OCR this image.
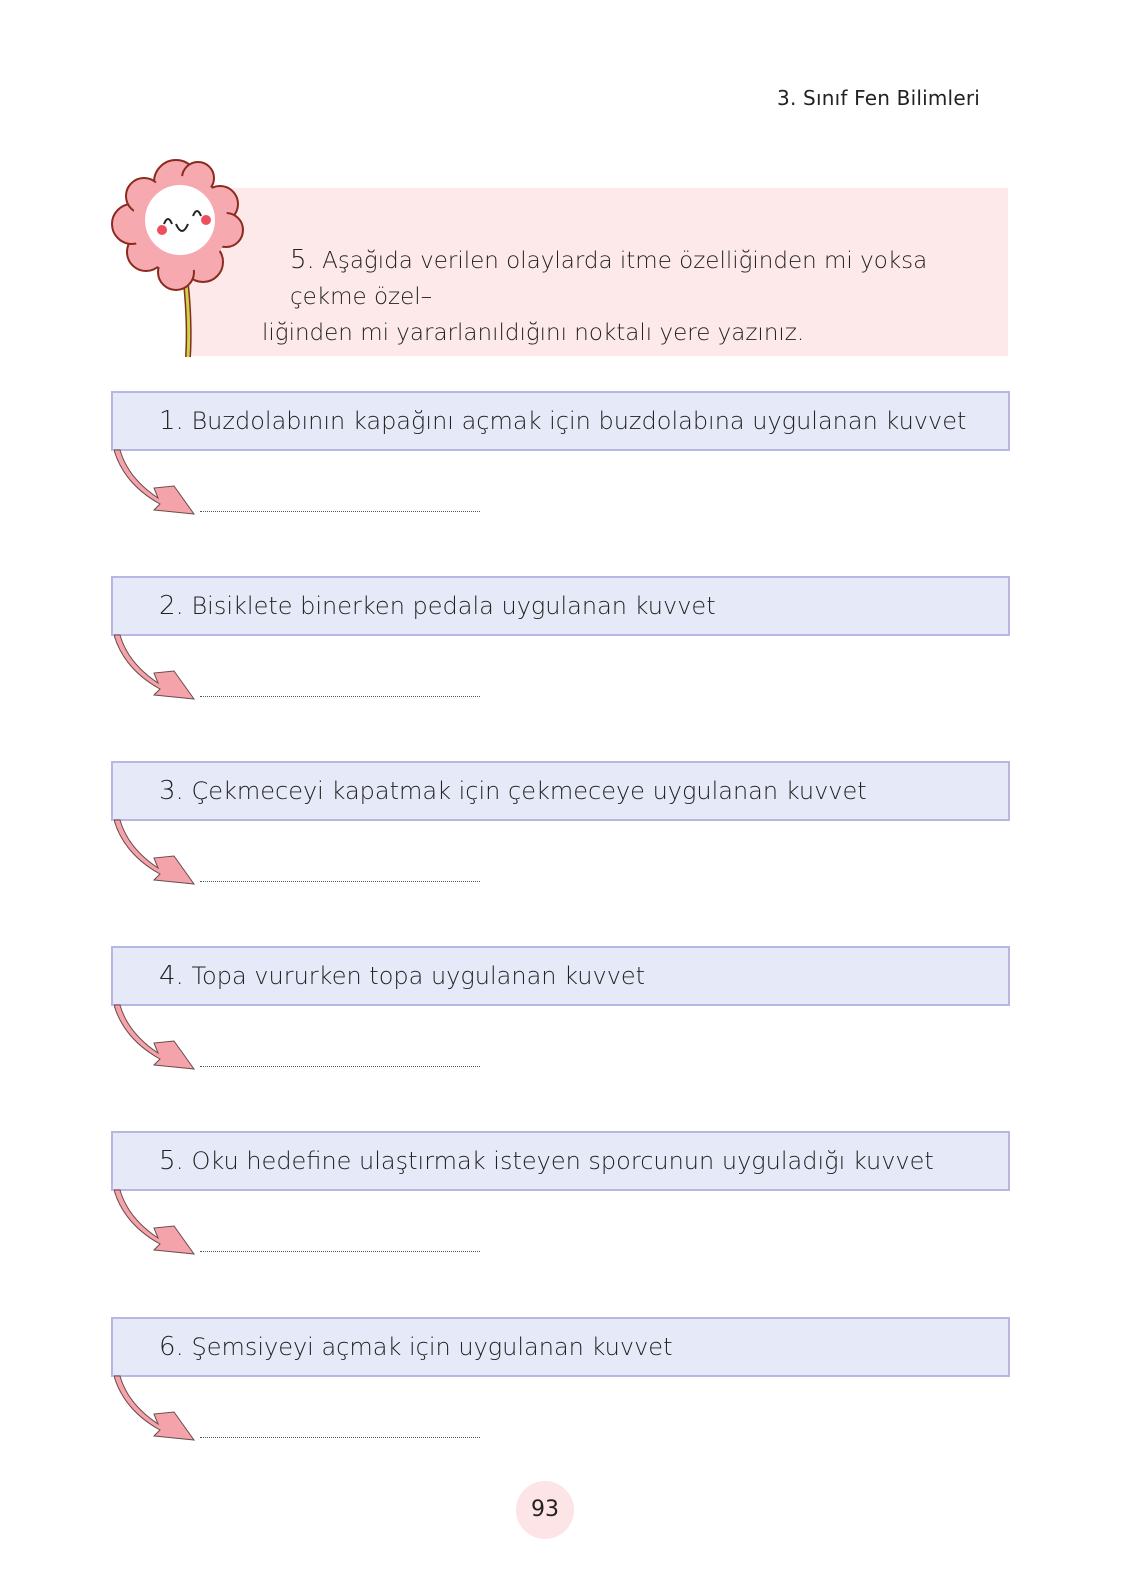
3. Sınıf Fen Bilimleri
5. Aşağıda verilen olaylarda itme özelliğinden mi yoksa çekme özel–
liğinden mi yararlanıldığını noktalı yere yazınız.
1. Buzdolabının kapağını açmak için buzdolabına uygulanan kuvvet
2. Bisiklete binerken pedala uygulanan kuvvet
3. Çekmeceyi kapatmak için çekmeceye uygulanan kuvvet
4. Topa vururken topa uygulanan kuvvet
5. Oku hedefine ulaştırmak isteyen sporcunun uyguladığı kuvvet
6. Şemsiyeyi açmak için uygulanan kuvvet
93
